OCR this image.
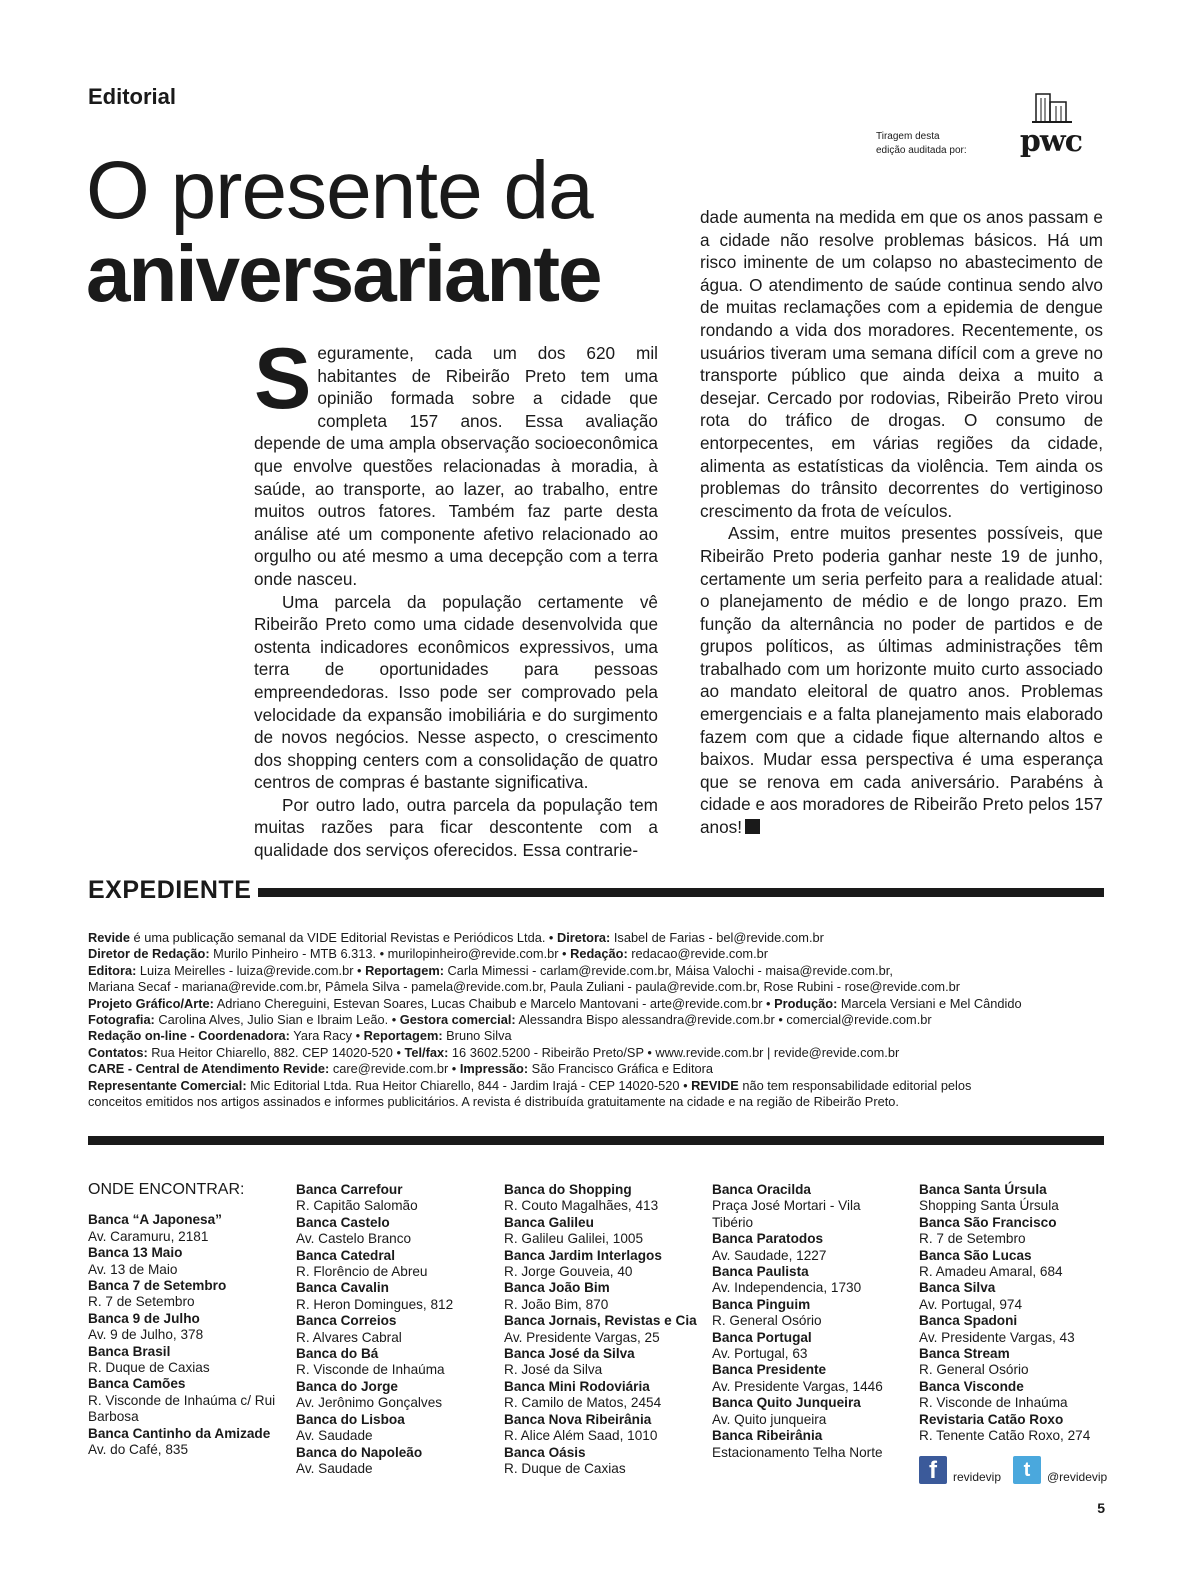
Editorial
Tiragem desta
edição auditada por:	pwc
O presente da
aniversariante

Seguramente, cada um dos 620 mil habitantes de Ribeirão Preto tem uma opinião formada sobre a cidade que completa 157 anos. Essa avaliação depende de uma ampla observação socioeconômica que envolve questões relacionadas à moradia, à saúde, ao transporte, ao lazer, ao trabalho, entre muitos outros fatores. Também faz parte desta análise até um componente afetivo relacionado ao orgulho ou até mesmo a uma decepção com a terra onde nasceu.

Uma parcela da população certamente vê Ribeirão Preto como uma cidade desenvolvida que ostenta indicadores econômicos expressivos, uma terra de oportunidades para pessoas empreendedoras. Isso pode ser comprovado pela velocidade da expansão imobiliária e do surgimento de novos negócios. Nesse aspecto, o crescimento dos shopping centers com a consolidação de quatro centros de compras é bastante significativa.

Por outro lado, outra parcela da população tem muitas razões para ficar descontente com a qualidade dos serviços oferecidos. Essa contrarie-

dade aumenta na medida em que os anos passam e a cidade não resolve problemas básicos. Há um risco iminente de um colapso no abastecimento de água. O atendimento de saúde continua sendo alvo de muitas reclamações com a epidemia de dengue rondando a vida dos moradores. Recentemente, os usuários tiveram uma semana difícil com a greve no transporte público que ainda deixa a muito a desejar. Cercado por rodovias, Ribeirão Preto virou rota do tráfico de drogas. O consumo de entorpecentes, em várias regiões da cidade, alimenta as estatísticas da violência. Tem ainda os problemas do trânsito decorrentes do vertiginoso crescimento da frota de veículos.

Assim, entre muitos presentes possíveis, que Ribeirão Preto poderia ganhar neste 19 de junho, certamente um seria perfeito para a realidade atual: o planejamento de médio e de longo prazo. Em função da alternância no poder de partidos e de grupos políticos, as últimas administrações têm trabalhado com um horizonte muito curto associado ao mandato eleitoral de quatro anos. Problemas emergenciais e a falta planejamento mais elaborado fazem com que a cidade fique alternando altos e baixos. Mudar essa perspectiva é uma esperança que se renova em cada aniversário. Parabéns à cidade e aos moradores de Ribeirão Preto pelos 157 anos!

EXPEDIENTE
Revide é uma publicação semanal da VIDE Editorial Revistas e Periódicos Ltda. • Diretora: Isabel de Farias - bel@revide.com.br
Diretor de Redação: Murilo Pinheiro - MTB 6.313. • murilopinheiro@revide.com.br • Redação: redacao@revide.com.br
Editora: Luiza Meirelles - luiza@revide.com.br • Reportagem: Carla Mimessi - carlam@revide.com.br, Máisa Valochi - maisa@revide.com.br,
Mariana Secaf - mariana@revide.com.br, Pâmela Silva - pamela@revide.com.br, Paula Zuliani - paula@revide.com.br, Rose Rubini - rose@revide.com.br
Projeto Gráfico/Arte: Adriano Chereguini, Estevan Soares, Lucas Chaibub e Marcelo Mantovani - arte@revide.com.br • Produção: Marcela Versiani e Mel Cândido
Fotografia: Carolina Alves, Julio Sian e Ibraim Leão. • Gestora comercial: Alessandra Bispo alessandra@revide.com.br • comercial@revide.com.br
Redação on-line - Coordenadora: Yara Racy • Reportagem: Bruno Silva
Contatos: Rua Heitor Chiarello, 882. CEP 14020-520 • Tel/fax: 16 3602.5200 - Ribeirão Preto/SP • www.revide.com.br | revide@revide.com.br
CARE - Central de Atendimento Revide: care@revide.com.br • Impressão: São Francisco Gráfica e Editora
Representante Comercial: Mic Editorial Ltda. Rua Heitor Chiarello, 844 - Jardim Irajá - CEP 14020-520 • REVIDE não tem responsabilidade editorial pelos
conceitos emitidos nos artigos assinados e informes publicitários. A revista é distribuída gratuitamente na cidade e na região de Ribeirão Preto.
ONDE ENCONTRAR:
Banca “A Japonesa”
Av. Caramuru, 2181
Banca 13 Maio
Av. 13 de Maio
Banca 7 de Setembro
R. 7 de Setembro
Banca 9 de Julho
Av. 9 de Julho, 378
Banca Brasil
R. Duque de Caxias
Banca Camões
R. Visconde de Inhaúma c/ Rui Barbosa
Banca Cantinho da Amizade
Av. do Café, 835
Banca Carrefour
R. Capitão Salomão
Banca Castelo
Av. Castelo Branco
Banca Catedral
R. Florêncio de Abreu
Banca Cavalin
R. Heron Domingues, 812
Banca Correios
R. Alvares Cabral
Banca do Bá
R. Visconde de Inhaúma
Banca do Jorge
Av. Jerônimo Gonçalves
Banca do Lisboa
Av. Saudade
Banca do Napoleão
Av. Saudade
Banca do Shopping
R. Couto Magalhães, 413
Banca Galileu
R. Galileu Galilei, 1005
Banca Jardim Interlagos
R. Jorge Gouveia, 40
Banca João Bim
R. João Bim, 870
Banca Jornais, Revistas e Cia
Av. Presidente Vargas, 25
Banca José da Silva
R. José da Silva
Banca Mini Rodoviária
R. Camilo de Matos, 2454
Banca Nova Ribeirânia
R. Alice Além Saad, 1010
Banca Oásis
R. Duque de Caxias
Banca Oracilda
Praça José Mortari - Vila Tibério
Banca Paratodos
Av. Saudade, 1227
Banca Paulista
Av. Independencia, 1730
Banca Pinguim
R. General Osório
Banca Portugal
Av. Portugal, 63
Banca Presidente
Av. Presidente Vargas, 1446
Banca Quito Junqueira
Av. Quito junqueira
Banca Ribeirânia
Estacionamento Telha Norte
Banca Santa Úrsula
Shopping Santa Úrsula
Banca São Francisco
R. 7 de Setembro
Banca São Lucas
R. Amadeu Amaral, 684
Banca Silva
Av. Portugal, 974
Banca Spadoni
Av. Presidente Vargas, 43
Banca Stream
R. General Osório
Banca Visconde
R. Visconde de Inhaúma
Revistaria Catão Roxo
R. Tenente Catão Roxo, 274
f	revidevip	t	@revidevip
5
